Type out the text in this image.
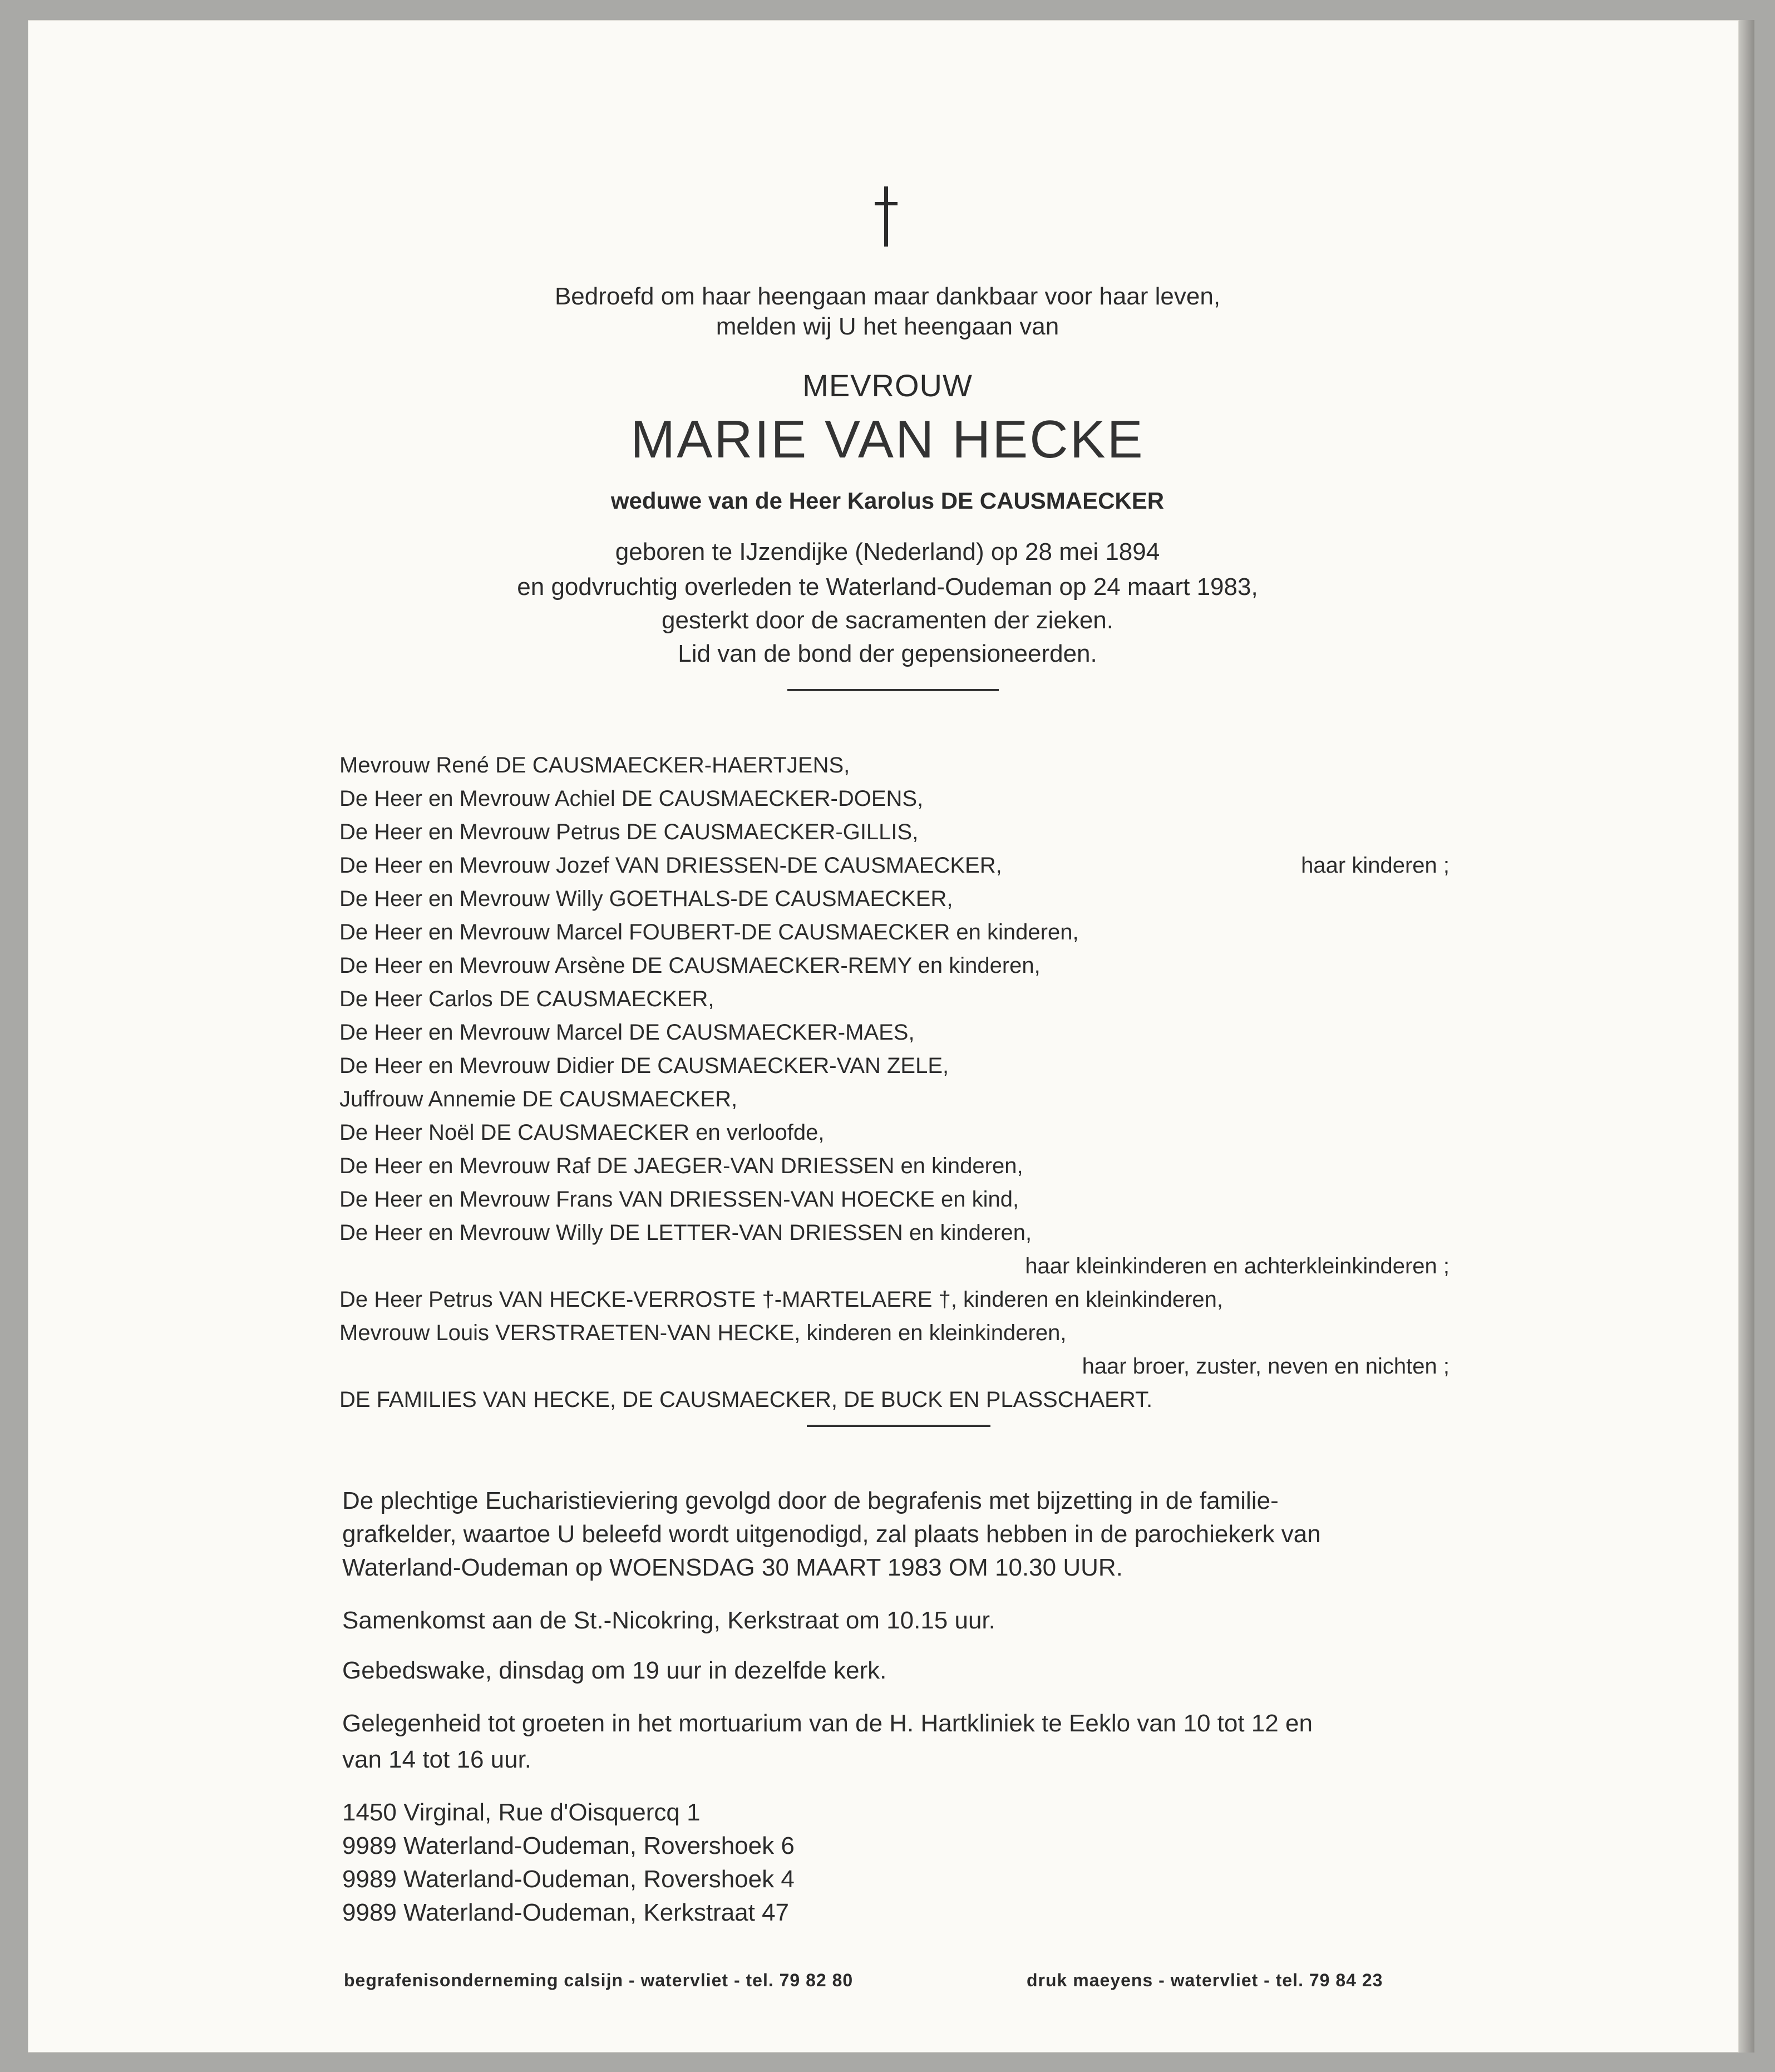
Bedroefd om haar heengaan maar dankbaar voor haar leven,
melden wij U het heengaan van
MEVROUW
MARIE VAN HECKE
weduwe van de Heer Karolus DE CAUSMAECKER
geboren te IJzendijke (Nederland) op 28 mei 1894
en godvruchtig overleden te Waterland-Oudeman op 24 maart 1983,
gesterkt door de sacramenten der zieken.
Lid van de bond der gepensioneerden.
Mevrouw René DE CAUSMAECKER-HAERTJENS,
De Heer en Mevrouw Achiel DE CAUSMAECKER-DOENS,
De Heer en Mevrouw Petrus DE CAUSMAECKER-GILLIS,
De Heer en Mevrouw Jozef VAN DRIESSEN-DE CAUSMAECKER,	haar kinderen ;
De Heer en Mevrouw Willy GOETHALS-DE CAUSMAECKER,
De Heer en Mevrouw Marcel FOUBERT-DE CAUSMAECKER en kinderen,
De Heer en Mevrouw Arsène DE CAUSMAECKER-REMY en kinderen,
De Heer Carlos DE CAUSMAECKER,
De Heer en Mevrouw Marcel DE CAUSMAECKER-MAES,
De Heer en Mevrouw Didier DE CAUSMAECKER-VAN ZELE,
Juffrouw Annemie DE CAUSMAECKER,
De Heer Noël DE CAUSMAECKER en verloofde,
De Heer en Mevrouw Raf DE JAEGER-VAN DRIESSEN en kinderen,
De Heer en Mevrouw Frans VAN DRIESSEN-VAN HOECKE en kind,
De Heer en Mevrouw Willy DE LETTER-VAN DRIESSEN en kinderen,
haar kleinkinderen en achterkleinkinderen ;
De Heer Petrus VAN HECKE-VERROSTE †-MARTELAERE †, kinderen en kleinkinderen,
Mevrouw Louis VERSTRAETEN-VAN HECKE, kinderen en kleinkinderen,
haar broer, zuster, neven en nichten ;
DE FAMILIES VAN HECKE, DE CAUSMAECKER, DE BUCK EN PLASSCHAERT.
De plechtige Eucharistieviering gevolgd door de begrafenis met bijzetting in de familie-
grafkelder, waartoe U beleefd wordt uitgenodigd, zal plaats hebben in de parochiekerk van
Waterland-Oudeman op WOENSDAG 30 MAART 1983 OM 10.30 UUR.
Samenkomst aan de St.-Nicokring, Kerkstraat om 10.15 uur.
Gebedswake, dinsdag om 19 uur in dezelfde kerk.
Gelegenheid tot groeten in het mortuarium van de H. Hartkliniek te Eeklo van 10 tot 12 en
van 14 tot 16 uur.
1450 Virginal, Rue d'Oisquercq 1
9989 Waterland-Oudeman, Rovershoek 6
9989 Waterland-Oudeman, Rovershoek 4
9989 Waterland-Oudeman, Kerkstraat 47
begrafenisonderneming calsijn - watervliet - tel. 79 82 80	druk maeyens - watervliet - tel. 79 84 23
